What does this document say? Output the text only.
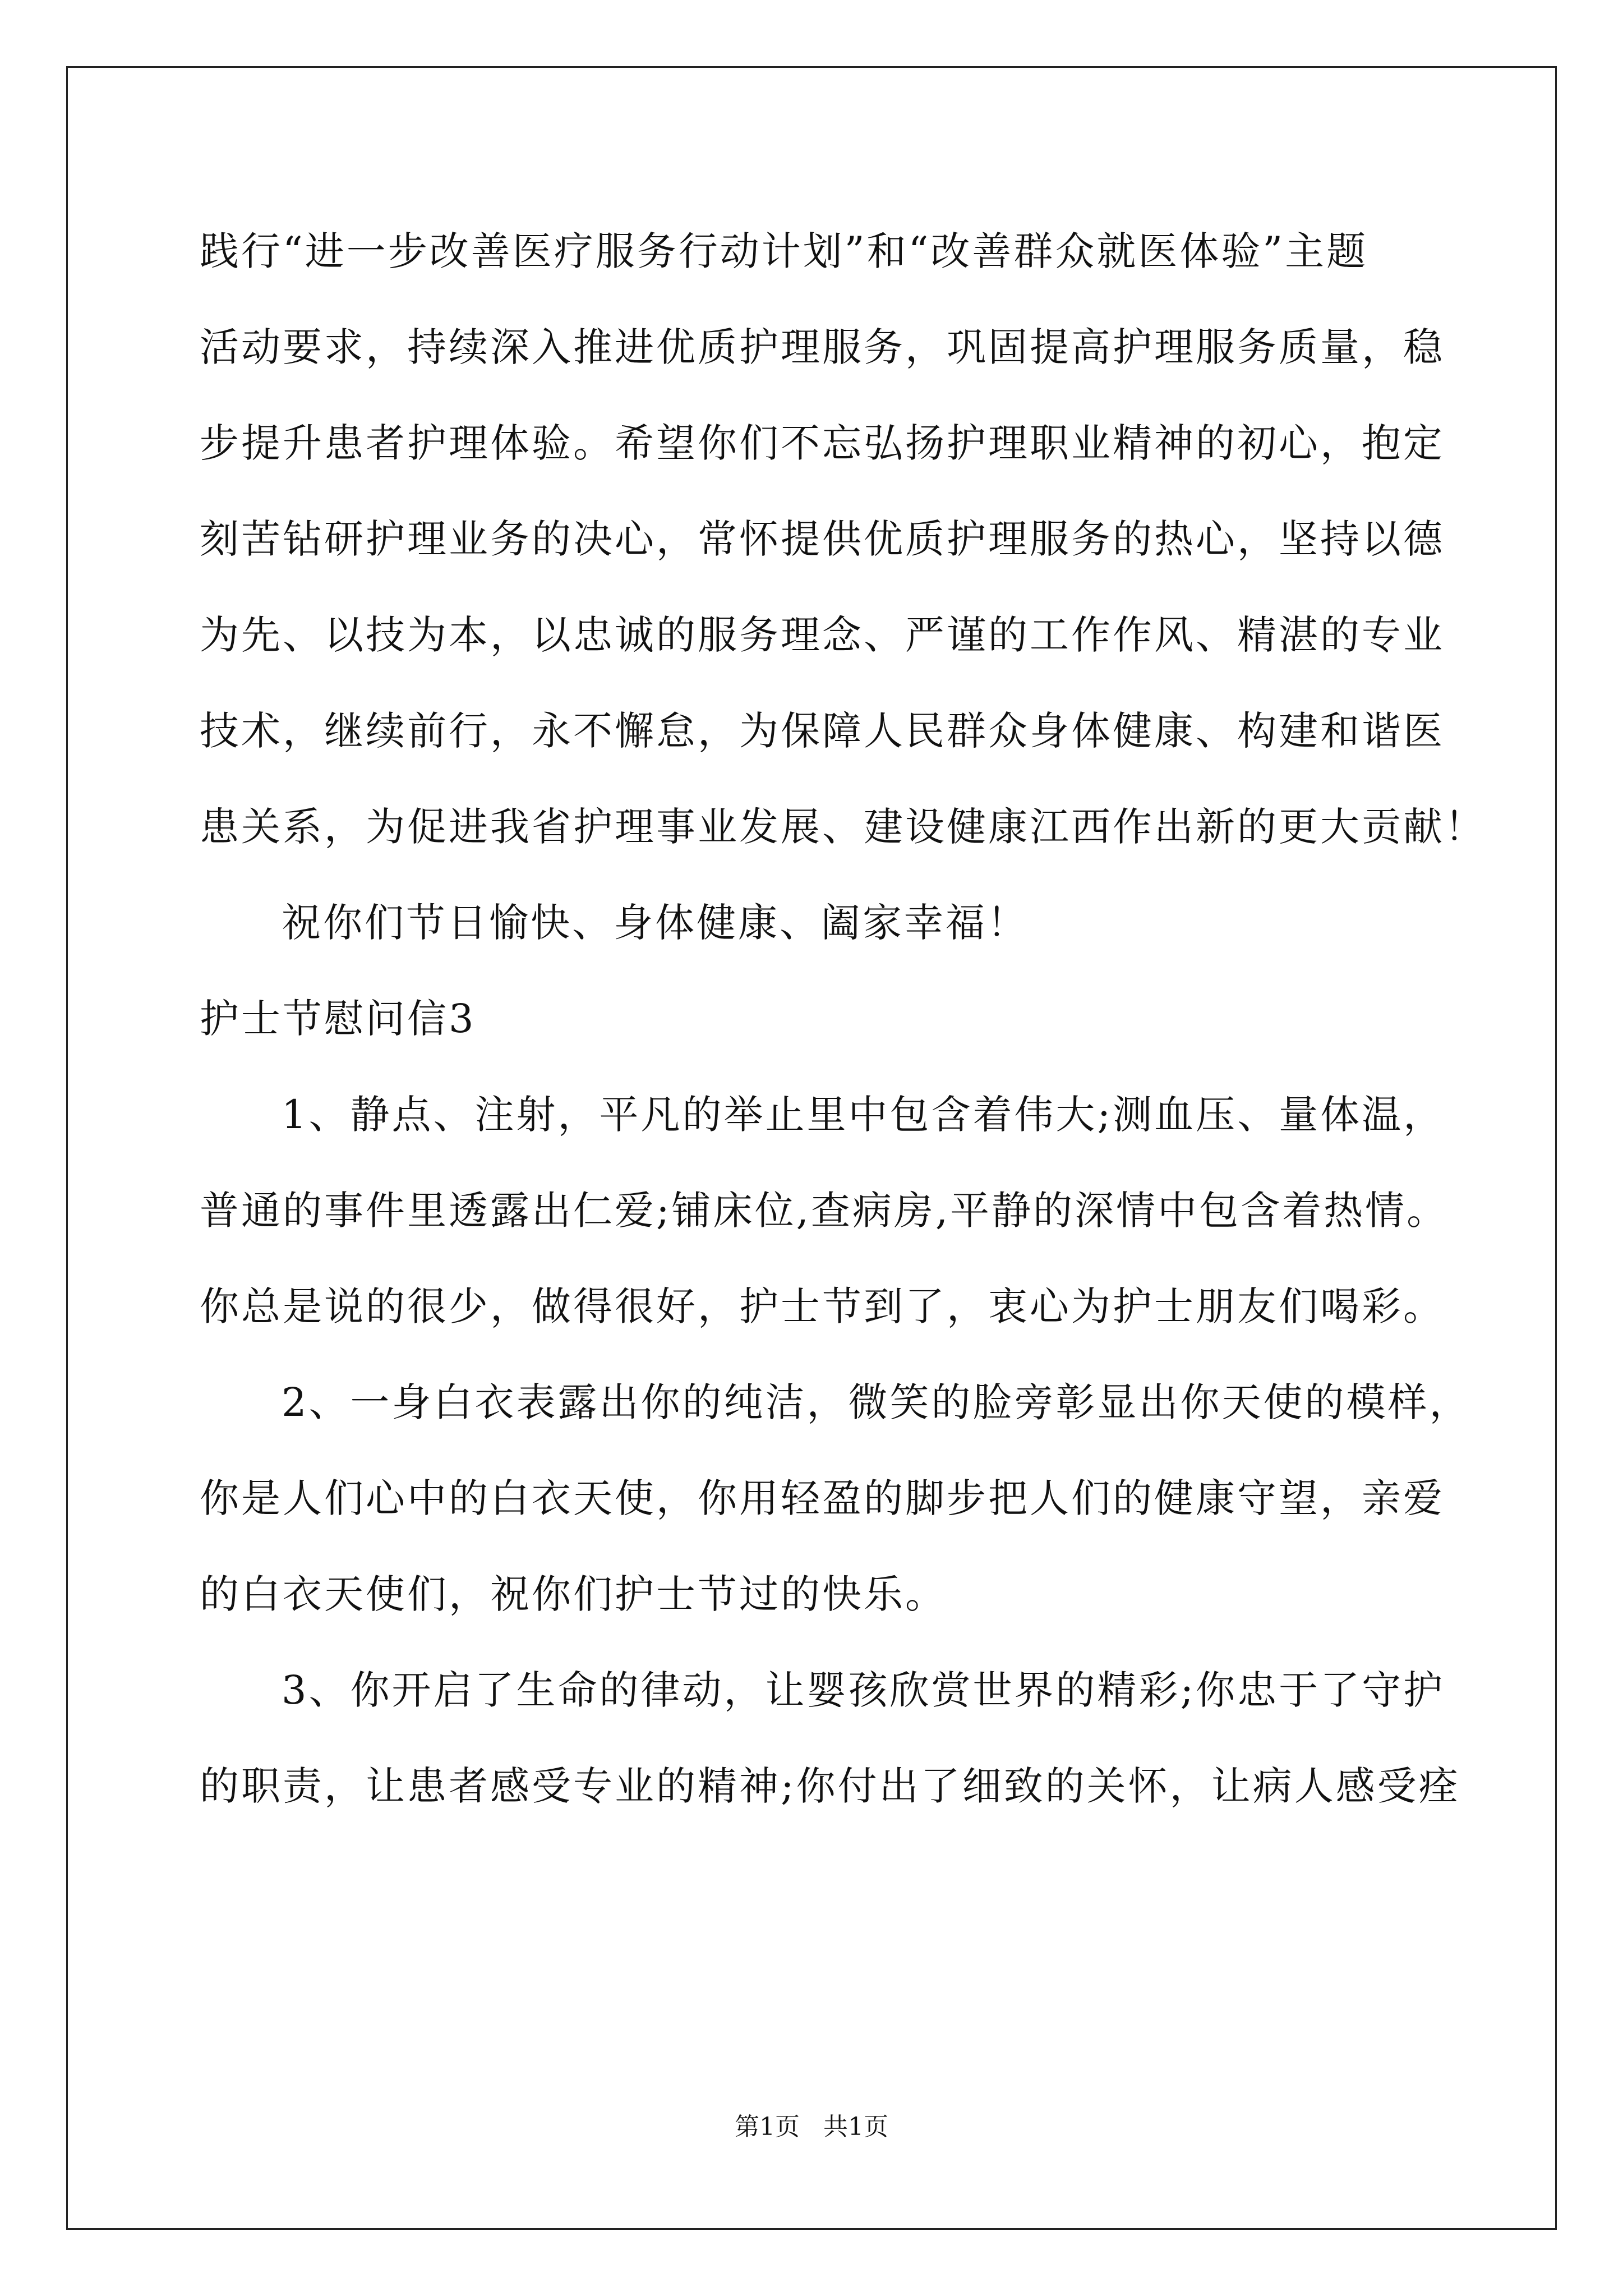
践行“进一步改善医疗服务行动计划”和“改善群众就医体验”主题
活动要求，持续深入推进优质护理服务，巩固提高护理服务质量，稳
步提升患者护理体验。希望你们不忘弘扬护理职业精神的初心，抱定
刻苦钻研护理业务的决心，常怀提供优质护理服务的热心，坚持以德
为先、以技为本，以忠诚的服务理念、严谨的工作作风、精湛的专业
技术，继续前行，永不懈怠，为保障人民群众身体健康、构建和谐医
患关系，为促进我省护理事业发展、建设健康江西作出新的更大贡献！
祝你们节日愉快、身体健康、阖家幸福！
护士节慰问信3
1、静点、注射，平凡的举止里中包含着伟大;测血压、量体温，
普通的事件里透露出仁爱;铺床位,查病房,平静的深情中包含着热情。
你总是说的很少，做得很好，护士节到了，衷心为护士朋友们喝彩。
2、一身白衣表露出你的纯洁，微笑的脸旁彰显出你天使的模样，
你是人们心中的白衣天使，你用轻盈的脚步把人们的健康守望，亲爱
的白衣天使们，祝你们护士节过的快乐。
3、你开启了生命的律动，让婴孩欣赏世界的精彩;你忠于了守护
的职责，让患者感受专业的精神;你付出了细致的关怀，让病人感受痊
第1页   共1页
